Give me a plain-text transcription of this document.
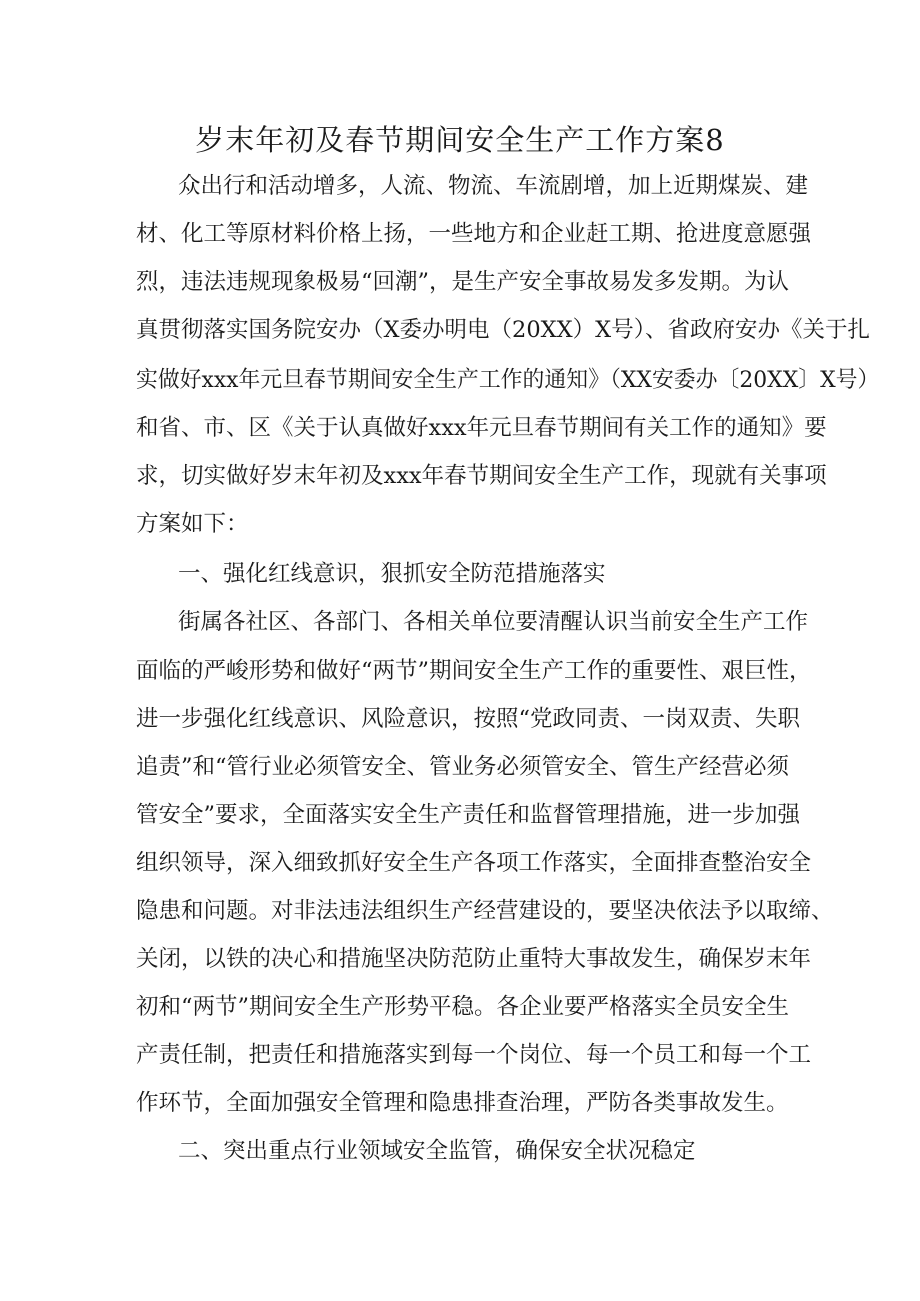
岁末年初及春节期间安全生产工作方案8
众出行和活动增多，人流、物流、车流剧增，加上近期煤炭、建
材、化工等原材料价格上扬，一些地方和企业赶工期、抢进度意愿强
烈，违法违规现象极易“回潮”，是生产安全事故易发多发期。为认
真贯彻落实国务院安办（X委办明电（20XX）X号）、省政府安办《关于扎
实做好xxx年元旦春节期间安全生产工作的通知》（XX安委办〔20XX〕X号）
和省、市、区《关于认真做好xxx年元旦春节期间有关工作的通知》要
求，切实做好岁末年初及xxx年春节期间安全生产工作，现就有关事项
方案如下：
一、强化红线意识，狠抓安全防范措施落实
街属各社区、各部门、各相关单位要清醒认识当前安全生产工作
面临的严峻形势和做好“两节”期间安全生产工作的重要性、艰巨性，
进一步强化红线意识、风险意识，按照“党政同责、一岗双责、失职
追责”和“管行业必须管安全、管业务必须管安全、管生产经营必须
管安全”要求，全面落实安全生产责任和监督管理措施，进一步加强
组织领导，深入细致抓好安全生产各项工作落实，全面排查整治安全
隐患和问题。对非法违法组织生产经营建设的，要坚决依法予以取缔、
关闭，以铁的决心和措施坚决防范防止重特大事故发生，确保岁末年
初和“两节”期间安全生产形势平稳。各企业要严格落实全员安全生
产责任制，把责任和措施落实到每一个岗位、每一个员工和每一个工
作环节，全面加强安全管理和隐患排查治理，严防各类事故发生。
二、突出重点行业领域安全监管，确保安全状况稳定
